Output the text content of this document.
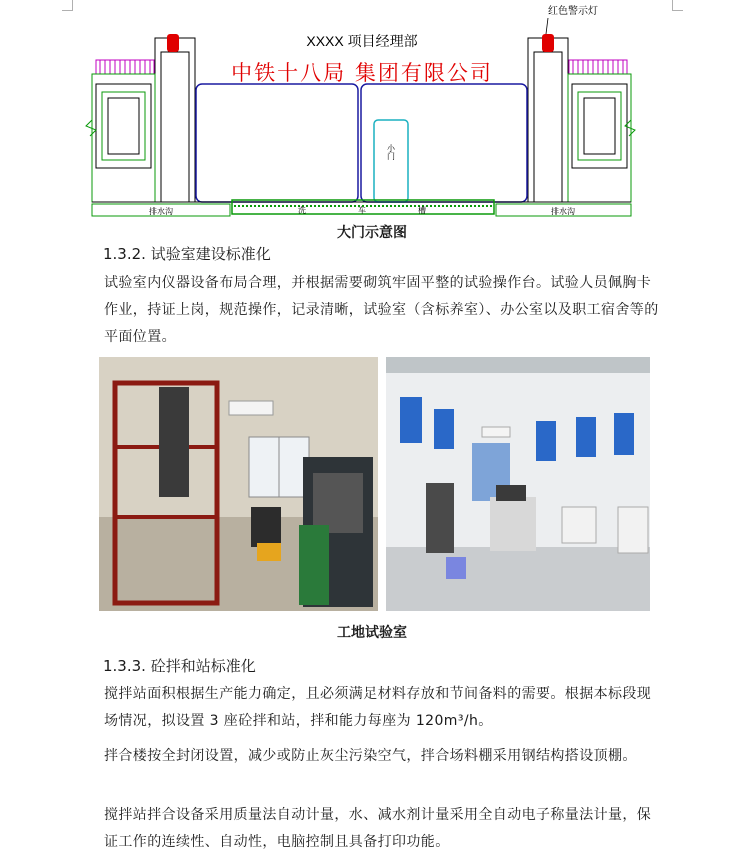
XXXX 项目经理部
中铁十八局 集团有限公司
小门
红色警示灯
排水沟	洗	车	槽	排水沟
大门示意图
1.3.2. 试验室建设标准化
试验室内仪器设备布局合理，并根据需要砌筑牢固平整的试验操作台。试验人员佩胸卡作业，持证上岗，规范操作，记录清晰，试验室（含标养室）、办公室以及职工宿舍等的平面位置。
工地试验室
1.3.3. 砼拌和站标准化
搅拌站面积根据生产能力确定，且必须满足材料存放和节间备料的需要。根据本标段现场情况，拟设置 3 座砼拌和站，拌和能力每座为 120m³/h。
拌合楼按全封闭设置，减少或防止灰尘污染空气，拌合场料棚采用钢结构搭设顶棚。
搅拌站拌合设备采用质量法自动计量，水、减水剂计量采用全自动电子称量法计量，保证工作的连续性、自动性，电脑控制且具备打印功能。
